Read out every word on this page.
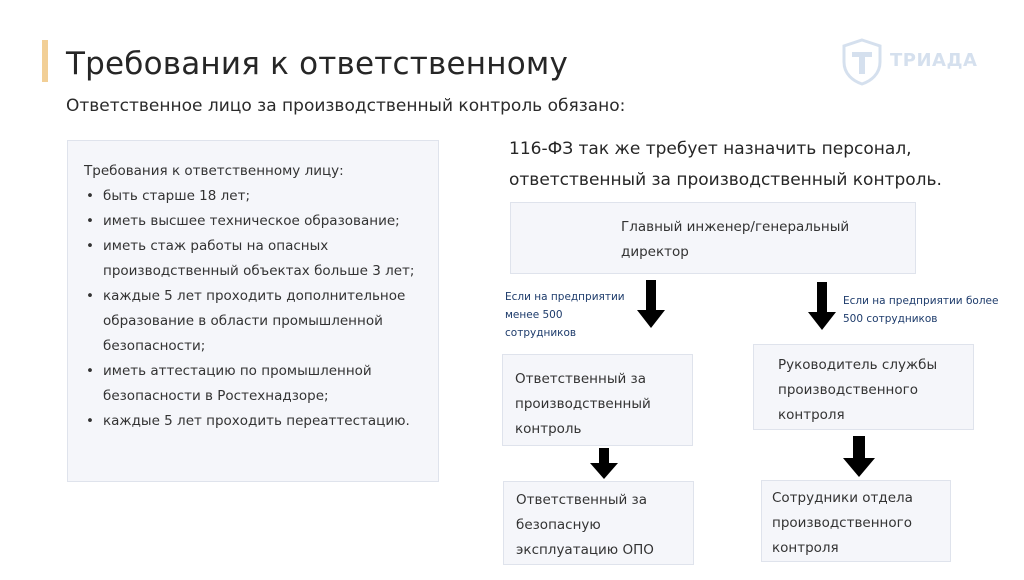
Требования к ответственному
Ответственное лицо за производственный контроль обязано:
ТРИАДА
Требования к ответственному лицу:
• быть старше 18 лет;
• иметь высшее техническое образование;
• иметь стаж работы на опасных производственный объектах больше 3 лет;
• каждые 5 лет проходить дополнительное образование в области промышленной безопасности;
• иметь аттестацию по промышленной безопасности в Ростехнадзоре;
• каждые 5 лет проходить переаттестацию.
116-ФЗ так же требует назначить персонал,
ответственный за производственный контроль.
Главный инженер/генеральный
директор
Если на предприятии
менее 500
сотрудников
Если на предприятии более
500 сотрудников
Ответственный за
производственный
контроль
Руководитель службы
производственного
контроля
Ответственный за
безопасную
эксплуатацию ОПО
Сотрудники отдела
производственного
контроля
